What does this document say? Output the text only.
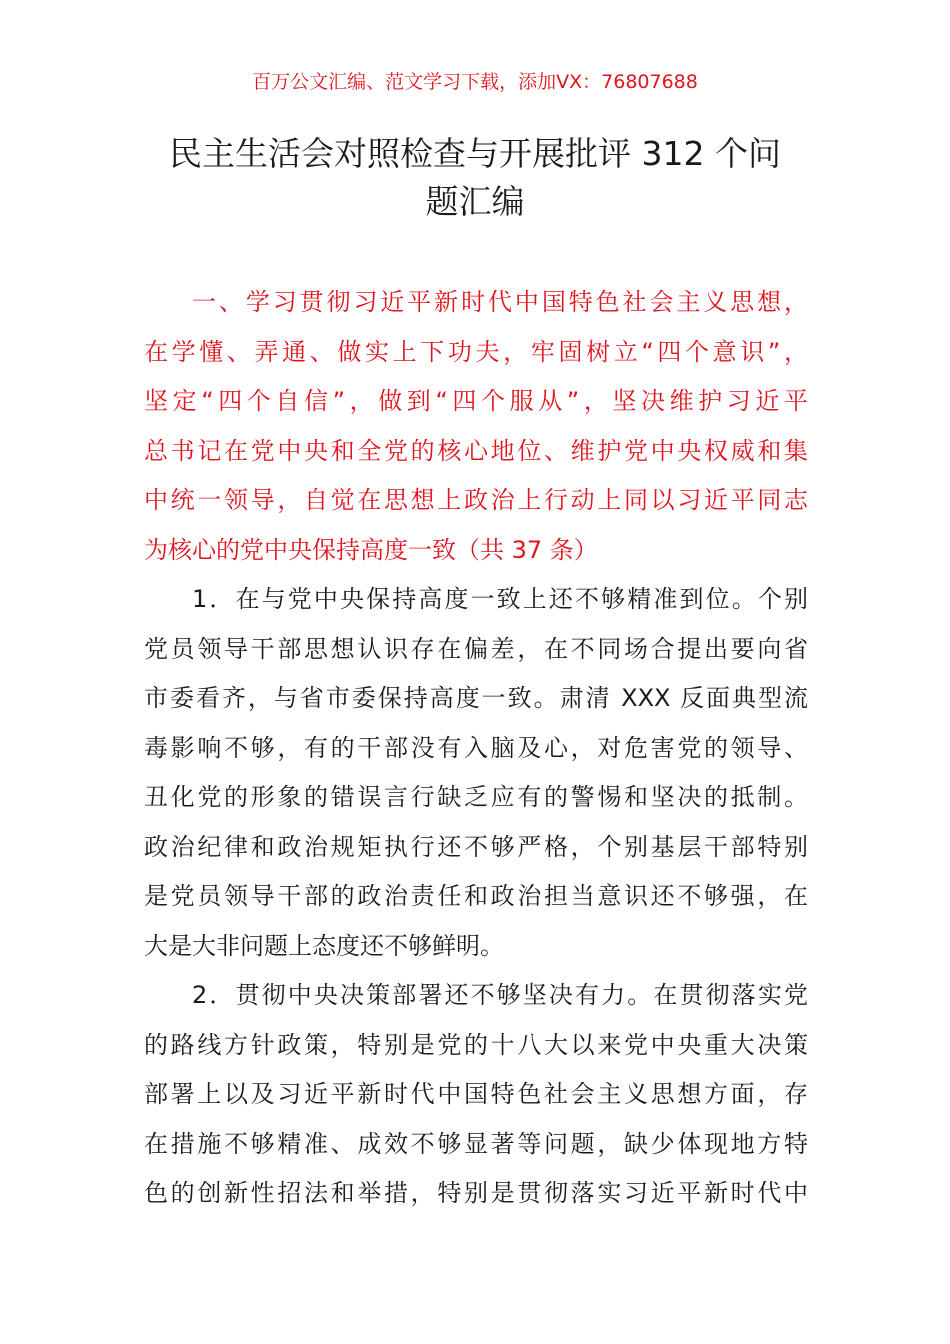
百万公文汇编、范文学习下载，添加VX：76807688
民主生活会对照检查与开展批评 312 个问
题汇编
一、学习贯彻习近平新时代中国特色社会主义思想，
在学懂、弄通、做实上下功夫，牢固树立“四个意识”，
坚定“四个自信”，做到“四个服从”，坚决维护习近平
总书记在党中央和全党的核心地位、维护党中央权威和集
中统一领导，自觉在思想上政治上行动上同以习近平同志
为核心的党中央保持高度一致（共 37 条）
1．在与党中央保持高度一致上还不够精准到位。个别
党员领导干部思想认识存在偏差，在不同场合提出要向省
市委看齐，与省市委保持高度一致。肃清 XXX 反面典型流
毒影响不够，有的干部没有入脑及心，对危害党的领导、
丑化党的形象的错误言行缺乏应有的警惕和坚决的抵制。
政治纪律和政治规矩执行还不够严格，个别基层干部特别
是党员领导干部的政治责任和政治担当意识还不够强，在
大是大非问题上态度还不够鲜明。
2．贯彻中央决策部署还不够坚决有力。在贯彻落实党
的路线方针政策，特别是党的十八大以来党中央重大决策
部署上以及习近平新时代中国特色社会主义思想方面，存
在措施不够精准、成效不够显著等问题，缺少体现地方特
色的创新性招法和举措，特别是贯彻落实习近平新时代中
